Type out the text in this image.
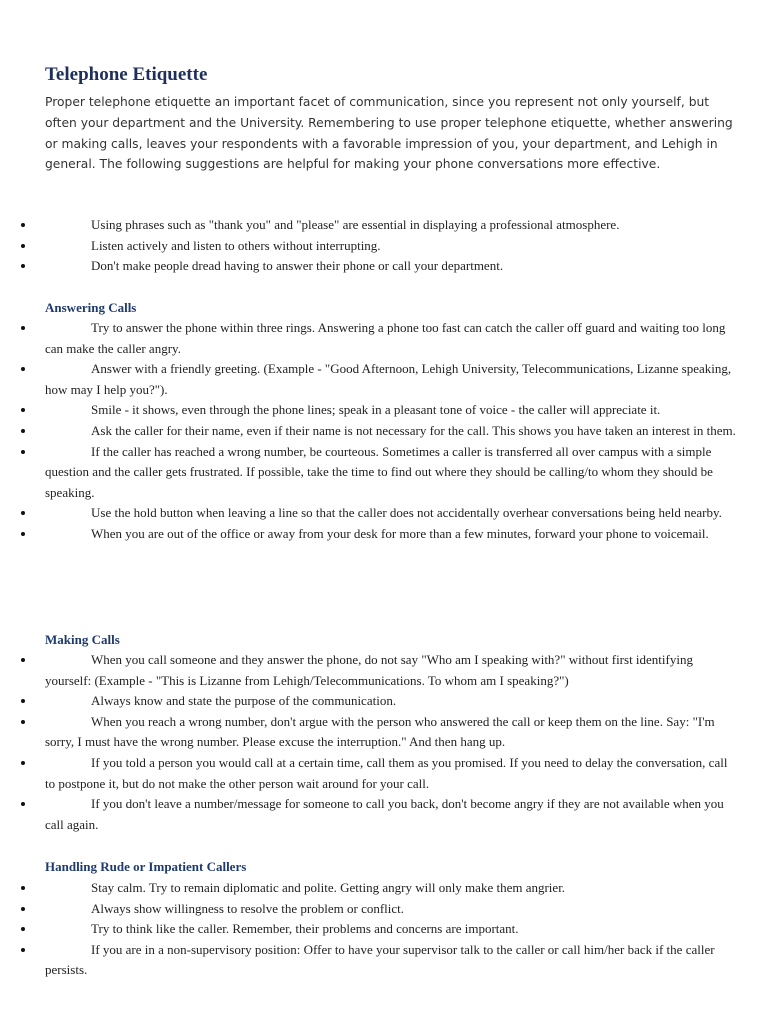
Telephone Etiquette

Proper telephone etiquette an important facet of communication, since you represent not only yourself, but often your department and the University. Remembering to use proper telephone etiquette, whether answering or making calls, leaves your respondents with a favorable impression of you, your department, and Lehigh in general. The following suggestions are helpful for making your phone conversations more effective.

Using phrases such as "thank you" and "please" are essential in displaying a professional atmosphere.
Listen actively and listen to others without interrupting.
Don't make people dread having to answer their phone or call your department.
Answering Calls
Try to answer the phone within three rings. Answering a phone too fast can catch the caller off guard and waiting too long can make the caller angry.
Answer with a friendly greeting. (Example - "Good Afternoon, Lehigh University, Telecommunications, Lizanne speaking, how may I help you?").
Smile - it shows, even through the phone lines; speak in a pleasant tone of voice - the caller will appreciate it.
Ask the caller for their name, even if their name is not necessary for the call. This shows you have taken an interest in them.
If the caller has reached a wrong number, be courteous. Sometimes a caller is transferred all over campus with a simple question and the caller gets frustrated. If possible, take the time to find out where they should be calling/to whom they should be speaking.
Use the hold button when leaving a line so that the caller does not accidentally overhear conversations being held nearby.
When you are out of the office or away from your desk for more than a few minutes, forward your phone to voicemail.
Making Calls
When you call someone and they answer the phone, do not say "Who am I speaking with?" without first identifying yourself: (Example - "This is Lizanne from Lehigh/Telecommunications. To whom am I speaking?")
Always know and state the purpose of the communication.
When you reach a wrong number, don't argue with the person who answered the call or keep them on the line. Say: "I'm sorry, I must have the wrong number. Please excuse the interruption." And then hang up.
If you told a person you would call at a certain time, call them as you promised. If you need to delay the conversation, call to postpone it, but do not make the other person wait around for your call.
If you don't leave a number/message for someone to call you back, don't become angry if they are not available when you call again.
Handling Rude or Impatient Callers
Stay calm. Try to remain diplomatic and polite. Getting angry will only make them angrier.
Always show willingness to resolve the problem or conflict.
Try to think like the caller. Remember, their problems and concerns are important.
If you are in a non-supervisory position: Offer to have your supervisor talk to the caller or call him/her back if the caller persists.
